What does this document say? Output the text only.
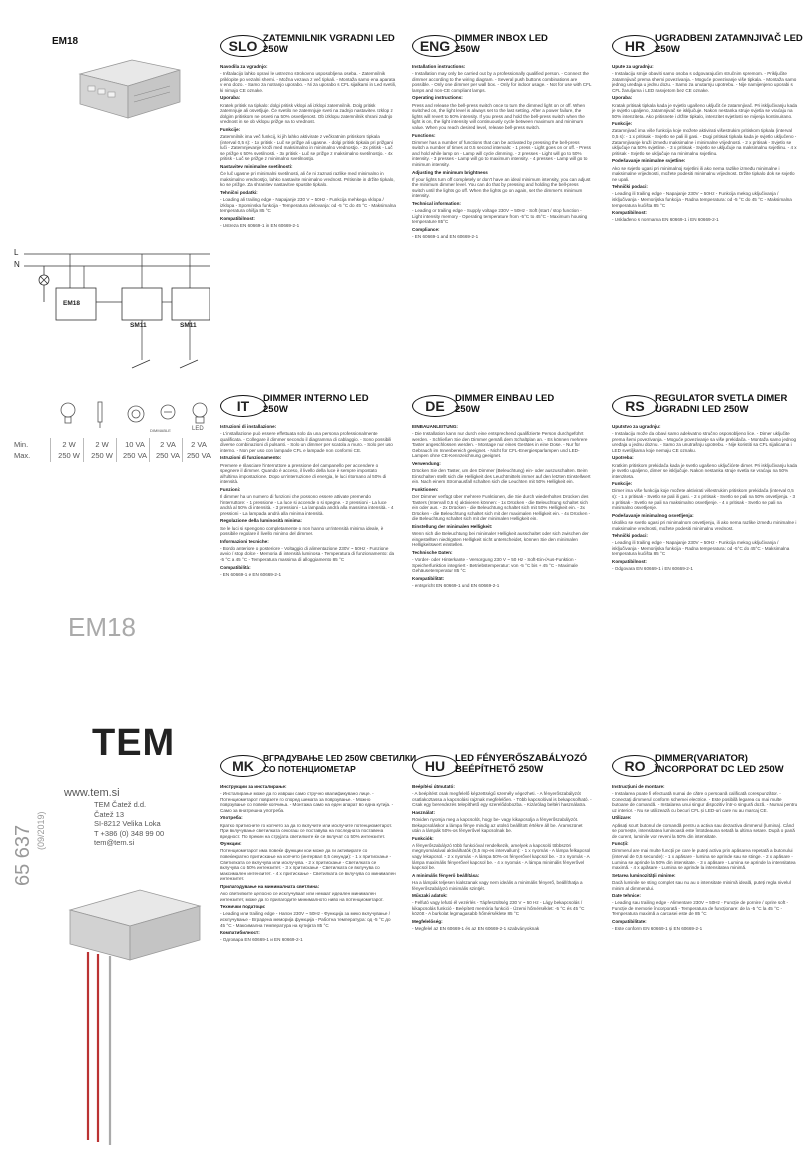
EM18
L
N
EM18
SM11	SM11
DIMMABLE	LED
Min.
Max.
2 W	2 W	10 VA	2 VA	2 VA
250 W	250 W	250 VA	250 VA 250 VA
EM18
TEM
www.tem.si
TEM Čatež d.d.
Čatež 13
SI-8212 Velika Loka
T +386 (0) 348 99 00
tem@tem.si
65 637 (09/2019)
SLO ZATEMNILNIK VGRADNI LED
250W

Navodila za vgradnjo:

- Inštalacijo lahko opravi le ustrezno strokovno usposobljena oseba. - Zatemnilnik priklopite po vezalni shemi. - Možna vezava z več tipkali. - Montaža samo ena aparata v eno dozo. - Samo za notranjo uporabo. - Ni za uporabo s CFL sijalkami in Led svetili, ki nimajo CE oznake.

Uporaba:

Kratek pritisk na tipkalo: dolgi pritisk vklopi ali izklopi zatemnilnik. Dolg pritisk zatemnjuje ali osvetljuje. Če svetilo ne zatemnjuje sveti na zadnjo nastavitev. Izklop z dolgim pritiskom ne osveti na 50% osvetljenost. Ob izklopu zatemnilnik shrani zadnjo vrednost in se ob vklopu prižge na to vrednost.

Funkcije:

Zatemnilnik ima več funkcij, ki jih lahko aktivirate z večkratnim pritiskom tipkala (interval 0,5 s): - 1x pritisk - Luč se prižge ali ugasne. - dolgi pritisk tipkala pri prižgani luči - Zatemnjevanje kroži med maksimalno in minimalno vrednostjo. - 2x pritisk - Luč se prižge s 50% svetilnosti. - 3x pritisk - Luč se prižge z maksimalno svetilnostjo. - 4x pritisk - Luč se prižge z minimalno svetilnostjo.

Nastavitev minimalne svetilnosti:

Če luč ugasne pri minimalni svetilnosti, ali če ni zaznati razlike med minimalno in maksimalno vrednostjo, lahko nastavite minimalno vrednost. Pritisnite in držite tipkalo, ko se prižge. Za shranitev nastavitve spustite tipkalo.

Tehnični podatki:

- Loading ali trailing edge - Napajanje 230 V ~ 50Hz - Funkcija mehkega vklopa / izklopa - Spominska funkcija - Temperatura delovanja: od -5 °C do 45 °C - Maksimalna temperatura ohišja 85 °C

Kompatibilnost:

- Ustreza EN 60669-1 in EN 60669-2-1

ENG DIMMER INBOX LED
250W

Installation instructions:

- Installation may only be carried out by a professionally qualified person. - Connect the dimmer according to the wiring diagram. - Several push buttons combinations are possible. - Only one dimmer per wall box. - Only for indoor usage. - Not for use with CFL lamps and non-CE compliant lamps.

Operating instructions:

Press and release the bell-press switch once to turn the dimmed light on or off. When switched on, the light level is always set to the last setting. After a power failure, the lights will revert to 50% intensity. If you press and hold the bell-press switch when the light is on, the light intensity will continuously cycle between maximum and minimum value. When you reach desired level, release bell-press switch.

Functions:

Dimmer has a number of functions that can be activated by pressing the bell-press switch a number of times at 0.5 second intervals: - 1 press - Light goes on or off. - Press and hold while lamp on - Lamp will cycle dimming. - 2 presses - Light will go to 50% intensity. - 3 presses - Lamp will go to maximum intensity. - 4 presses - Lamp will go to minimum intensity.

Adjusting the minimum brightness

If your lights turn off completely or don't have an ideal minimum intensity, you can adjust the minimum dimmer level. You can do that by pressing and holding the bell-press switch until the lights go off. When the lights go on again, set the dimmer's minimum intensity.

Technical information:

- Leading or trailing edge - Supply voltage 230V ~ 50Hz - Soft (start / stop function - Light intensity memory - Operating temperature from -5°C to 45°C - Maximum housing temperature 85°C

Compliance:

- EN 60669-1 and EN 60669-2-1

HR	UGRADBENI ZATAMNJIVAČ LED
250W

Upute za ugradnju:

- Instalaciju smije obaviti samo osoba s odgovarajućim stručnim spremom. - Priključite zatamnjivač prema shemi povezivanja. - Moguće povezivanje više tipkala. - Montaža samo jednog uređaja u jednu dozu. - Samo za unutarnju upotrebu. - Nije namijenjeno uporabi s CFL žaruljama i LED rasvjetom bez CE oznake.

Uporaba:

Kratak pritisak tipkala kada je svjetlo ugašeno uključit će zatamnjivač. Pri isključivanju kada je svjetlo upaljeno, zatamnjivač se isključuje. Nakon nestanka struje svjetla se vraćaju na 50% intenziteta. Ako pritisnete i držite tipkalo, intenzitet svjetlosti se mijenja kontinuirano.

Funkcije:

Zatamnjivač ima više funkcija koje možete aktivirati višestrukim pritiskom tipkala (interval 0,5 s): - 1 x pritisak - Svjetlo se pali ili gasi. - Dugi pritisak tipkala kada je svjetlo uključeno - Zatamnjivanje kruži između maksimalne i minimalne vrijednosti. - 2 x pritisak - Svjetlo se uključuje na 50% svjetline. - 3 x pritisak - Svjetlo se uključuje na maksimalnu svjetlinu. - 4 x pritisak - Svjetlo se uključuje na minimalnu svjetlinu.

Podešavanje minimalne svjetline:

Ako se svjetlo ugasi pri minimalnoj svjetlini ili ako nema razlike između minimalne i maksimalne vrijednosti, možete podesiti minimalnu vrijednost. Držite tipkalo dok se svjetlo ne upali.

Tehnički podaci:

- Leading ili trailing edge - Napajanje 230V ~ 50Hz - Funkcija mekog uključivanja / isključivanja - Memorijska funkcija - Radna temperatura: od -5 °C do 45 °C - Maksimalna temperatura kućišta 85 °C

Kompatibilnost:

- Usklađeno s normama EN 60669-1 i EN 60669-2-1

IT	DIMMER INTERNO LED
250W

Istruzioni di installazione:

- L'installazione può essere effettuata solo da una persona professionalmente qualificata. - Collegare il dimmer secondo il diagramma di cablaggio. - Sono possibili diverse combinazioni di pulsanti. - Solo un dimmer per scatola a muro. - Solo per uso interno. - Non per uso con lampade CFL e lampade non conformi CE.

Istruzioni di funzionamento:

Premere e rilasciare l'interruttore a pressione del campanello per accendere o spegnere il dimmer. Quando è acceso, il livello della luce è sempre impostato all'ultima impostazione. Dopo un'interruzione di energia, le luci ritornano al 50% di intensità.

Funzioni:

Il dimmer ha un numero di funzioni che possono essere attivate premendo l'interruttore: - 1 pressione - La luce si accende o si spegne. - 2 pressioni - La luce andrà al 50% di intensità. - 3 pressioni - La lampada andrà alla massima intensità. - 4 pressioni - La lampada andrà alla minima intensità.

Regolazione della luminosità minima:

Se le luci si spengono completamente o non hanno un'intensità minima ideale, è possibile regolare il livello minimo del dimmer.

Informazioni tecniche:

- Bordo anteriore o posteriore - Voltaggio di alimentazione 230V ~ 50Hz - Funzione avvio / stop dolce - Memoria di intensità luminosa - Temperatura di funzionamento: da -5 °C a 45 °C - Temperatura massima di alloggiamento 85 °C

Compatibilità:

- EN 60669-1 e EN 60669-2-1

DE	DIMMER EINBAU LED
250W

EINBAUANLEITUNG:

- Die Installation kann nur durch eine entsprechend qualifizierte Person durchgeführt werden. - Schließen Sie den Dimmer gemäß dem Schaltplan an. - Es können mehrere Taster angeschlossen werden. - Montage nur eines Gerätes in eine Dose. - Nur für Gebrauch im Innenbereich geeignet. - Nicht für CFL-Energiesparlampen und LED-Lampen ohne CE-Kennzeichnung geeignet.

Verwendung:

Drücken Sie den Taster, um den Dimmer (Beleuchtung) ein- oder auszuschalten. Beim Einschalten stellt sich die Helligkeit des Leuchtmittels immer auf den letzten Einstellwert ein. Nach einem Stromausfall schalten sich die Leuchten mit 50% Helligkeit ein.

Funktionen:

Der Dimmer verfügt über mehrere Funktionen, die Sie durch wiederholtes Drücken des Tasters (Intervall 0,5 s) aktivieren können: - 1x Drücken - die Beleuchtung schaltet sich ein oder aus. - 2x Drücken - die Beleuchtung schaltet sich mit 50% Helligkeit ein. - 3x Drücken - die Beleuchtung schaltet sich mit der maximalen Helligkeit ein. - 4x Drücken - die Beleuchtung schaltet sich mit der minimalen Helligkeit ein.

Einstellung der minimalen Helligkeit:

Wenn sich die Beleuchtung bei minimaler Helligkeit ausschaltet oder sich zwischen der eingestellten niedrigsten Helligkeit nicht unterscheidet, können Sie den minimalen Helligkeitswert einstellen.

Technische Daten:

- Vorder- oder Hinterkante - Versorgung 230 V ~ 50 Hz - Soft-Ein-/Aus-Funktion - Speicherfunktion integriert - Betriebstemperatur: von -5 °C bis + 45 °C - Maximale Gehäusetemperatur 85 °C

Kompatibilität:

- entspricht EN 60669-1 und EN 60669-2-1

RS	REGULATOR SVETLA DIMER
UGRADNI LED 250W

Uputstvo za ugradnju:

- Instalaciju može da obavi samo adekvatno stručno osposobljeno lice. - Dimer uključite prema šemi povezivanja. - Moguće povezivanje sa više prekidača. - Montaža samo jednog uređaja u jednu doznu. - Samo za unutrašnju upotrebu. - Nije koristiti sa CFL sijalicama i LED svetiljkama koje nemaju CE oznaku.

Upotreba:

Kratkim pritiskom prekidača kada je svetlo ugašeno uključićete dimer. Pri isključivanju kada je svetlo upaljeno, dimer se isključuje. Nakon nestanka struje svetla se vraćaju na 50% intenziteta.

Funkcije:

Dimer ima više funkcija koje možete aktivirati višestrukim pritiskom prekidača (interval 0,5 s): - 1 x pritisak - Svetlo se pali ili gasi. - 2 x pritisak - Svetlo se pali na 50% osvetljenja. - 3 x pritisak - Svetlo se pali na maksimalno osvetljenje. - 4 x pritisak - Svetlo se pali na minimalno osvetljenje.

Podešavanje minimalnog osvetljenja:

Ukoliko se svetlo ugasi pri minimalnom osvetljenju, ili ako nema razlike između minimalne i maksimalne vrednosti, možete podesiti minimalnu vrednost.

Tehnički podaci:

- Leading ili trailing edge - Napajanje 230V ~ 50Hz - Funkcija mekog uključivanja / isključivanja - Memorijska funkcija - Radna temperatura: od -5°C do 45°C - Maksimalna temperatura kućišta 85 °C

Kompatibilnost:

- Odgovara EN 60669-1 i EN 60669-2-1

MK	ВГРАДУВАЊЕ LED 250W СВЕТИЛКИ
СО ПОТЕНЦИОМЕТАР

Инструкции за инсталирање:

- Инсталирање може да го изврши само стручно квалификувано лице. - Потенциометарот поврзете го според шемата за поврзување. - Можно поврзување со повеќе копчиња. - Монтажа само на еден апарат во една кутија. - Само за внатрешна употреба.

Употреба:

Кратко притиснете го копчето за да го вклучите или исклучите потенциометарот. При вклучување светилката секогаш се поставува на последната поставена вредност. По прекин на струјата светилките ќе се вклучат со 50% интензитет.

Функции:

Потенциометарот има повеќе функции кои може да ги активирате со повеќекратно притискање на копчето (интервал 0,5 секунди): - 1 x притискање - Светилката се вклучува или исклучува. - 2 x притискање - Светилката се вклучува со 50% интензитет. - 3 x притискање - Светилката се вклучува со максимален интензитет. - 4 x притискање - Светилката се вклучува со минимален интензитет.

Прилагодување на минималната светлина:

Ако светилките целосно се исклучуваат или немаат идеален минимален интензитет, може да го прилагодите минималното ниво на потенциометарот.

Технички податоци:

- Leading или trailing edge - Напон 230V ~ 50Hz - Функција за меко вклучување / исклучување - Вградена меморија функција - Работна температура: од -5 °C до 45 °C - Максимална температура на кутијата 85 °C

Компатибилност:

- Одговара EN 60669-1 и EN 60669-2-1

HU	LED FÉNYERŐSZABÁLYOZÓ
BEÉPÍTHETŐ 250W

Beépítési útmutató:

- A beépítést csak megfelelő képzettségű személy végezheti. - A fényerőszabályzót csatlakoztassa a kapcsolási rajznak megfelelően. - Több kapcsolóval is bekapcsolható. - Csak egy berendezés telepíthető egy szerelődobozba. - Kizárólag beltéri használatra.

Használat:

Röviden nyomja meg a kapcsolót, hogy be- vagy kikapcsolja a fényerőszabályzót. Bekapcsoláskor a lámpa fénye mindig az utolsó beállított értékre áll be. Áramszünet után a lámpák 50%-os fényerővel kapcsolnak be.

Funkciók:

A fényerőszabályzó több funkcióval rendelkezik, amelyek a kapcsoló többszöri megnyomásával aktiválhatók (0,5 mp-es intervallum): - 1 x nyomás - A lámpa felkapcsol vagy lekapcsol. - 2 x nyomás - A lámpa 50%-os fényerővel kapcsol be. - 3 x nyomás - A lámpa maximális fényerővel kapcsol be. - 4 x nyomás - A lámpa minimális fényerővel kapcsol be.

A minimális fényerő beállítása:

Ha a lámpák teljesen kialszanak vagy nem ideális a minimális fényerő, beállíthatja a fényerőszabályzó minimális szintjét.

Műszaki adatok:

- Felfutó vagy lefutó él vezérlés - Tápfeszültség 230 V ~ 50 Hz - Lágy bekapcsolás / kikapcsolás funkció - Beépített memória funkció - Üzemi hőmérséklet: -5 °C és 45 °C között - A burkolat legmagasabb hőmérséklete 85 °C

Megfelelőség:

- Megfelel az EN 60669-1 és az EN 60669-2-1 szabványoknak

RO	DIMMER(VARIATOR)
ÎNCORPORAT DC LED 250W

Instrucțiuni de montare:

- Instalarea poate fi efectuată numai de către o persoană calificată corespunzător. - Conectați dimmerul conform schemei electrice. - Este posibilă legarea cu mai multe butoane de comandă. - Instalarea unui singur dispozitiv într-o singură doză. - Numai pentru uz interior. - Nu se utilizează cu becuri CFL și LED-uri care nu au marcaj CE.

Utilizare:

Apăsați scurt butonul de comandă pentru a activa sau dezactiva dimmerul (lumina). Când se pornește, intensitatea luminoasă este întotdeauna setată la ultima setare. După o pană de curent, luminile vor reveni la 50% din intensitate.

Funcții:

Dimmerul are mai multe funcții pe care le puteți activa prin apăsarea repetată a butonului (interval de 0,5 secunde): - 1 x apăsare - lumina se aprinde sau se stinge. - 2 x apăsare - Lumina se aprinde la 50% din intensitate. - 3 x apăsare - Lumina se aprinde la intensitatea maximă. - 4 x apăsare - Lumina se aprinde la intensitatea minimă.

Setarea luminozității minime:

Dacă luminile se sting complet sau nu au o intensitate minimă ideală, puteți regla nivelul minim al dimmerului.

Date tehnice:

- Leading sau trailing edge - Alimentare 230V ~ 50Hz - Funcție de pornire / oprire soft - Funcție de memorie încorporată - Temperatura de funcționare: de la -5 °C la 45 °C - Temperatura maximă a carcasei este de 85 °C

Compatibilitate:

- Este conform EN 60669-1 și EN 60669-2-1
